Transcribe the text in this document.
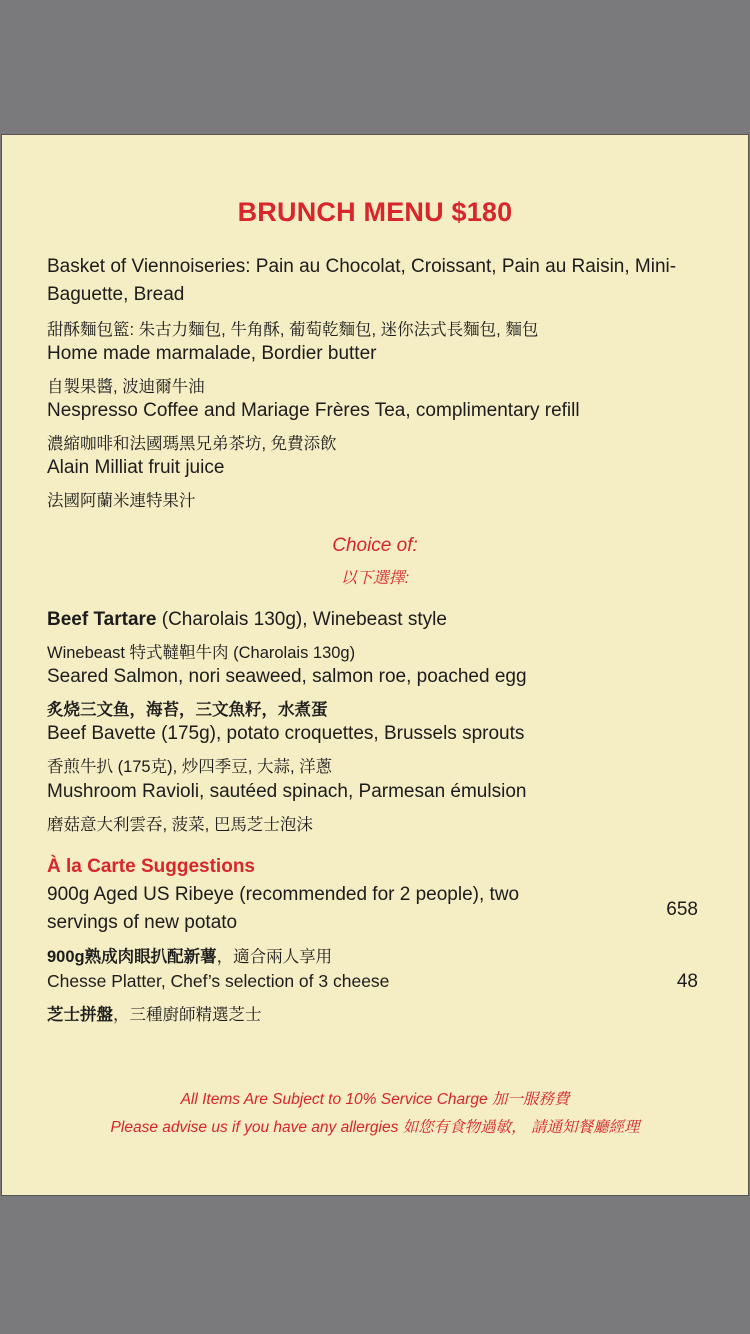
BRUNCH MENU $180
Basket of Viennoiseries: Pain au Chocolat, Croissant, Pain au Raisin, Mini-Baguette, Bread
甜酥麵包籃: 朱古力麵包, 牛角酥, 葡萄乾麵包, 迷你法式長麵包, 麵包
Home made marmalade, Bordier butter
自製果醬, 波迪爾牛油
Nespresso Coffee and Mariage Frères Tea, complimentary refill
濃縮咖啡和法國瑪黑兄弟茶坊, 免費添飲
Alain Milliat fruit juice
法國阿蘭米連特果汁
Choice of:
以下選擇:
Beef Tartare (Charolais 130g), Winebeast style
Winebeast 特式韃靼牛肉 (Charolais 130g)
Seared Salmon, nori seaweed, salmon roe, poached egg
炙烧三文鱼，海苔，三文魚籽，水煮蛋
Beef Bavette (175g), potato croquettes, Brussels sprouts
香煎牛扒 (175克), 炒四季豆, 大蒜, 洋蔥
Mushroom Ravioli, sautéed spinach, Parmesan émulsion
磨菇意大利雲吞, 菠菜, 巴馬芝士泡沫
À la Carte Suggestions
900g Aged US Ribeye (recommended for 2 people), two servings of new potato
658
900g熟成肉眼扒配新薯，適合兩人享用
Chesse Platter, Chef’s selection of 3 cheese	48
芝士拼盤，三種廚師精選芝士
All Items Are Subject to 10% Service Charge 加一服務費
Please advise us if you have any allergies 如您有食物過敏， 請通知餐廳經理
